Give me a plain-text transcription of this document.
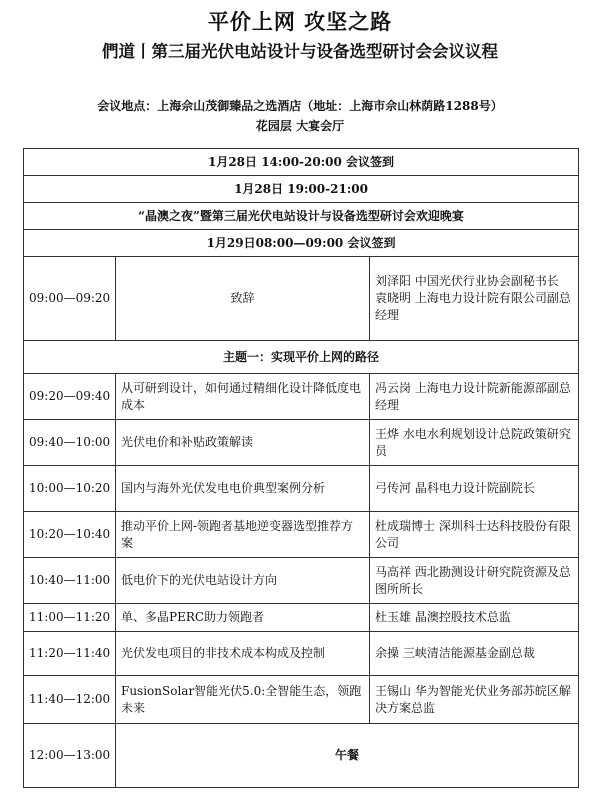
平价上网 攻坚之路
們道丨第三届光伏电站设计与设备选型研讨会会议议程
会议地点：上海佘山茂御臻品之选酒店（地址：上海市佘山林荫路1288号）
花园层 大宴会厅
1月28日 14:00-20:00 会议签到		
1月28日 19:00-21:00		
“晶澳之夜”暨第三届光伏电站设计与设备选型研讨会欢迎晚宴		
1月29日08:00—09:00 会议签到		
09:00—09:20	致辞	刘泽阳 中国光伏行业协会副秘书长
袁晓明 上海电力设计院有限公司副总经理

主题一：实现平价上网的路径		
09:20—09:40	从可研到设计，如何通过精细化设计降低度电成本	冯云岗 上海电力设计院新能源部副总经理
09:40—10:00	光伏电价和补贴政策解读	王烨 水电水利规划设计总院政策研究员
10:00—10:20	国内与海外光伏发电电价典型案例分析	弓传河 晶科电力设计院副院长
10:20—10:40	推动平价上网-领跑者基地逆变器选型推荐方案	杜成瑞博士 深圳科士达科技股份有限公司
10:40—11:00	低电价下的光伏电站设计方向	马高祥 西北勘测设计研究院资源及总图所所长
11:00—11:20	单、多晶PERC助力领跑者	杜玉雄 晶澳控股技术总监
11:20—11:40	光伏发电项目的非技术成本构成及控制	余操 三峡清洁能源基金副总裁
11:40—12:00	FusionSolar智能光伏5.0:全智能生态，领跑未来	王锡山 华为智能光伏业务部苏皖区解决方案总监
12:00—13:00	午餐	
